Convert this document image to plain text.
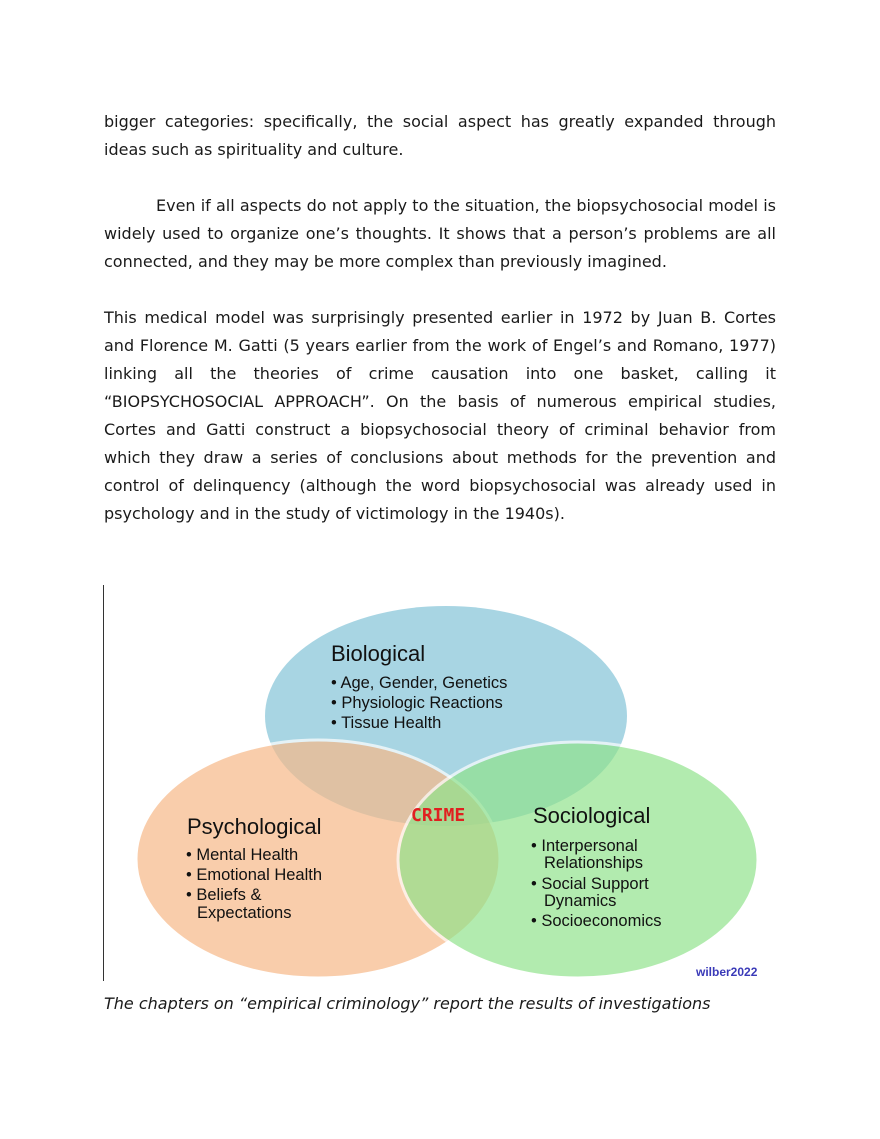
bigger categories: specifically, the social aspect has greatly expanded through ideas such as spirituality and culture.

Even if all aspects do not apply to the situation, the biopsychosocial model is widely used to organize one’s thoughts. It shows that a person’s problems are all connected, and they may be more complex than previously imagined.

This medical model was surprisingly presented earlier in 1972 by Juan B. Cortes and Florence M. Gatti (5 years earlier from the work of Engel’s and Romano, 1977) linking all the theories of crime causation into one basket, calling it “BIOPSYCHOSOCIAL APPROACH”. On the basis of numerous empirical studies, Cortes and Gatti construct a biopsychosocial theory of criminal behavior from which they draw a series of conclusions about methods for the prevention and control of delinquency (although the word biopsychosocial was already used in psychology and in the study of victimology in the 1940s).

Biological
• Age, Gender, Genetics
• Physiologic Reactions
• Tissue Health
Psychological
• Mental Health
• Emotional Health
• Beliefs &
Expectations
Sociological
• Interpersonal
Relationships
• Social Support
Dynamics
• Socioeconomics
CRIME
wilber2022

The chapters on “empirical criminology” report the results of investigations
